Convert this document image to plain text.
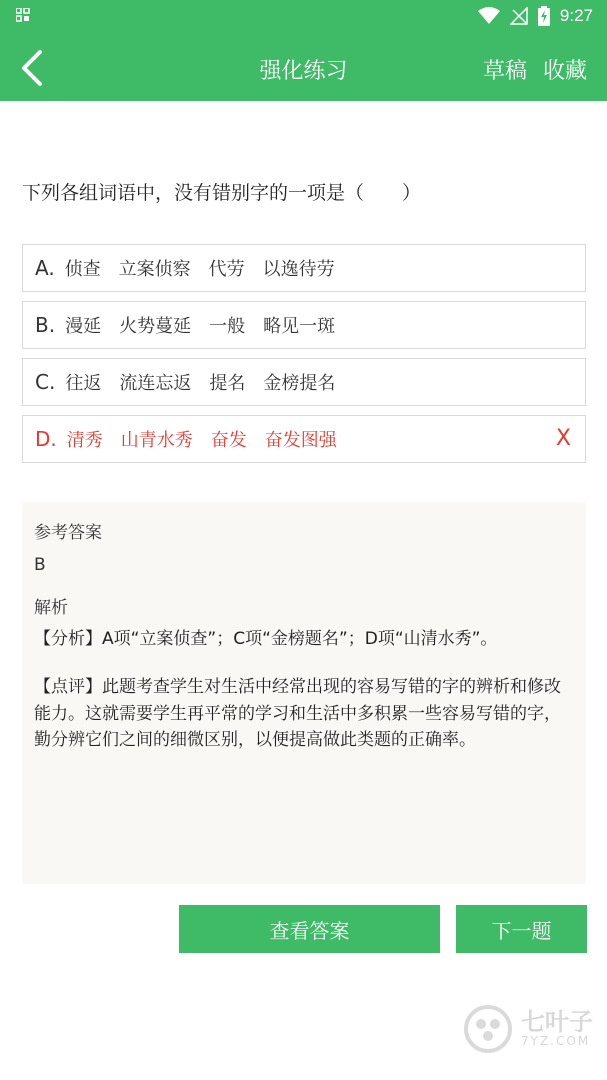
9:27
强化练习	草稿 收藏
下列各组词语中，没有错别字的一项是（　　）
A. 侦查　立案侦察　代劳　以逸待劳
B. 漫延　火势蔓延　一般　略见一斑
C. 往返　流连忘返　提名　金榜提名
D. 清秀　山青水秀　奋发　奋发图强	X
参考答案
B
解析
【分析】A项“立案侦查”；C项“金榜题名”；D项“山清水秀”。
【点评】此题考查学生对生活中经常出现的容易写错的字的辨析和修改能力。这就需要学生再平常的学习和生活中多积累一些容易写错的字，勤分辨它们之间的细微区别，以便提高做此类题的正确率。
查看答案	下一题
七叶子
7YZ.COM
